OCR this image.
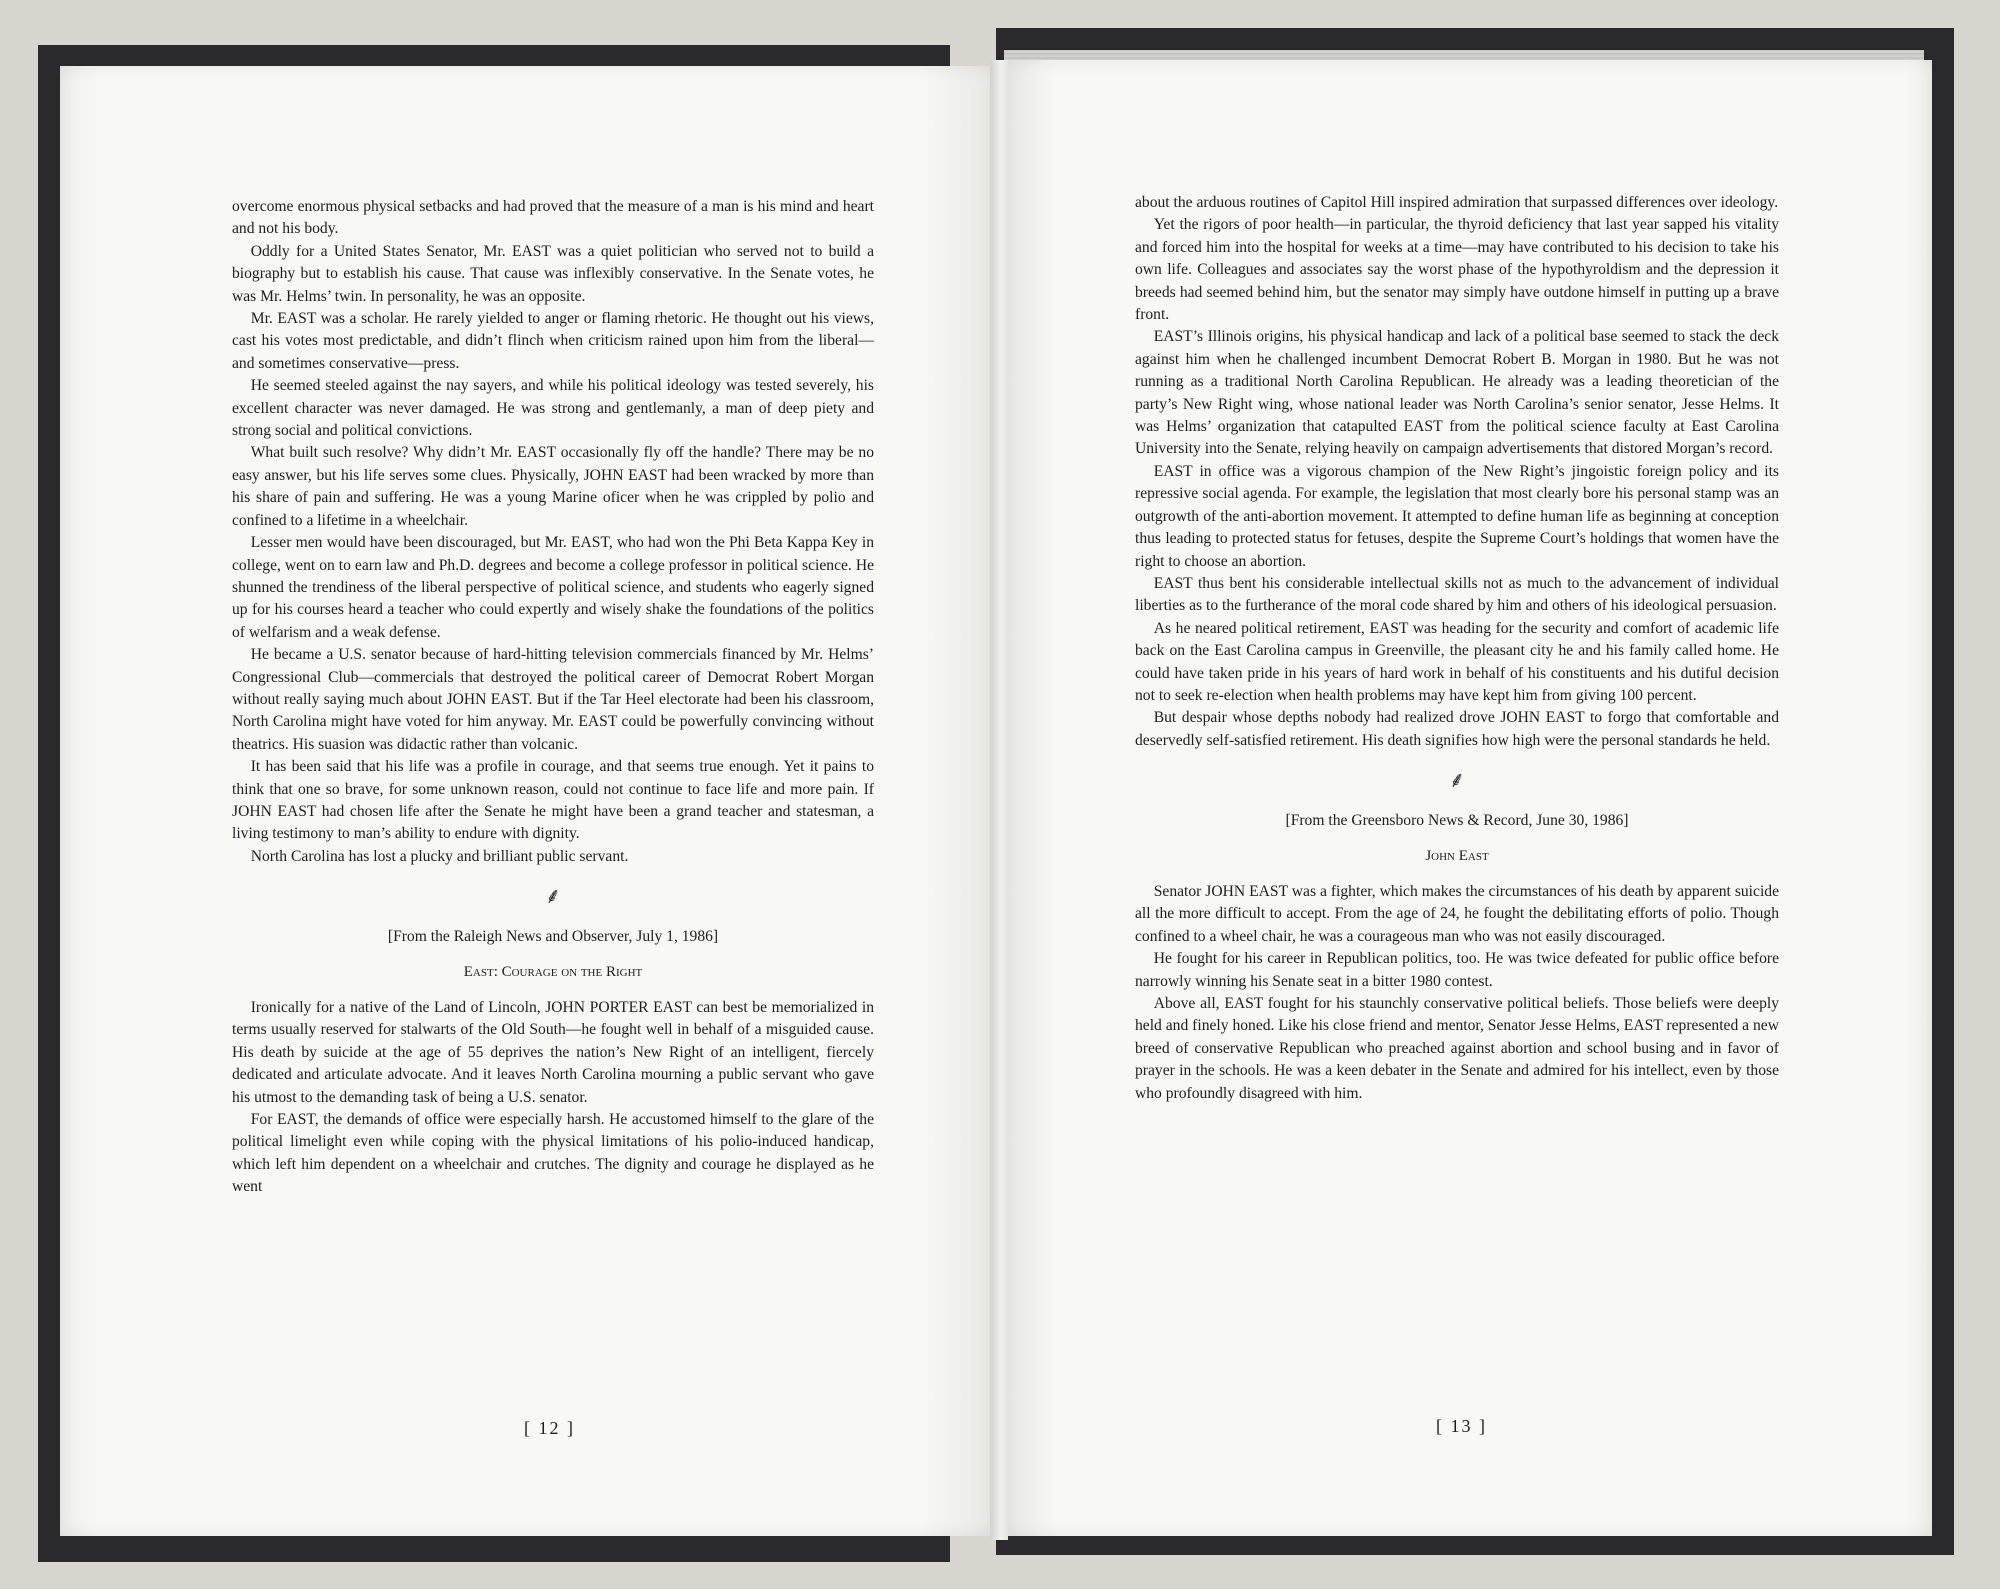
overcome enormous physical setbacks and had proved that the measure of a man is his mind and heart and not his body.

Oddly for a United States Senator, Mr. EAST was a quiet politician who served not to build a biography but to establish his cause. That cause was inflexibly conservative. In the Senate votes, he was Mr. Helms’ twin. In personality, he was an opposite.

Mr. EAST was a scholar. He rarely yielded to anger or flaming rhetoric. He thought out his views, cast his votes most predictable, and didn’t flinch when criticism rained upon him from the liberal—and sometimes conservative—press.

He seemed steeled against the nay sayers, and while his political ideology was tested severely, his excellent character was never damaged. He was strong and gentlemanly, a man of deep piety and strong social and political convictions.

What built such resolve? Why didn’t Mr. EAST occasionally fly off the handle? There may be no easy answer, but his life serves some clues. Physically, JOHN EAST had been wracked by more than his share of pain and suffering. He was a young Marine oficer when he was crippled by polio and confined to a lifetime in a wheelchair.

Lesser men would have been discouraged, but Mr. EAST, who had won the Phi Beta Kappa Key in college, went on to earn law and Ph.D. degrees and become a college professor in political science. He shunned the trendiness of the liberal perspective of political science, and students who eagerly signed up for his courses heard a teacher who could expertly and wisely shake the foundations of the politics of welfarism and a weak defense.

He became a U.S. senator because of hard-hitting television commercials financed by Mr. Helms’ Congressional Club—commercials that destroyed the political career of Democrat Robert Morgan without really saying much about JOHN EAST. But if the Tar Heel electorate had been his classroom, North Carolina might have voted for him anyway. Mr. EAST could be powerfully convincing without theatrics. His suasion was didactic rather than volcanic.

It has been said that his life was a profile in courage, and that seems true enough. Yet it pains to think that one so brave, for some unknown reason, could not continue to face life and more pain. If JOHN EAST had chosen life after the Senate he might have been a grand teacher and statesman, a living testimony to man’s ability to endure with dignity.

North Carolina has lost a plucky and brilliant public servant.

⸙
[From the Raleigh News and Observer, July 1, 1986]
East: Courage on the Right

Ironically for a native of the Land of Lincoln, JOHN PORTER EAST can best be memorialized in terms usually reserved for stalwarts of the Old South—he fought well in behalf of a misguided cause. His death by suicide at the age of 55 deprives the nation’s New Right of an intelligent, fiercely dedicated and articulate advocate. And it leaves North Carolina mourning a public servant who gave his utmost to the demanding task of being a U.S. senator.

For EAST, the demands of office were especially harsh. He accustomed himself to the glare of the political limelight even while coping with the physical limitations of his polio-induced handicap, which left him dependent on a wheelchair and crutches. The dignity and courage he displayed as he went

about the arduous routines of Capitol Hill inspired admiration that surpassed differences over ideology.

Yet the rigors of poor health—in particular, the thyroid deficiency that last year sapped his vitality and forced him into the hospital for weeks at a time—may have contributed to his decision to take his own life. Colleagues and associates say the worst phase of the hypothyroldism and the depression it breeds had seemed behind him, but the senator may simply have outdone himself in putting up a brave front.

EAST’s Illinois origins, his physical handicap and lack of a political base seemed to stack the deck against him when he challenged incumbent Democrat Robert B. Morgan in 1980. But he was not running as a traditional North Carolina Republican. He already was a leading theoretician of the party’s New Right wing, whose national leader was North Carolina’s senior senator, Jesse Helms. It was Helms’ organization that catapulted EAST from the political science faculty at East Carolina University into the Senate, relying heavily on campaign advertisements that distored Morgan’s record.

EAST in office was a vigorous champion of the New Right’s jingoistic foreign policy and its repressive social agenda. For example, the legislation that most clearly bore his personal stamp was an outgrowth of the anti-abortion movement. It attempted to define human life as beginning at conception thus leading to protected status for fetuses, despite the Supreme Court’s holdings that women have the right to choose an abortion.

EAST thus bent his considerable intellectual skills not as much to the advancement of individual liberties as to the furtherance of the moral code shared by him and others of his ideological persuasion.

As he neared political retirement, EAST was heading for the security and comfort of academic life back on the East Carolina campus in Greenville, the pleasant city he and his family called home. He could have taken pride in his years of hard work in behalf of his constituents and his dutiful decision not to seek re-election when health problems may have kept him from giving 100 percent.

But despair whose depths nobody had realized drove JOHN EAST to forgo that comfortable and deservedly self-satisfied retirement. His death signifies how high were the personal standards he held.

⸙
[From the Greensboro News & Record, June 30, 1986]
John East

Senator JOHN EAST was a fighter, which makes the circumstances of his death by apparent suicide all the more difficult to accept. From the age of 24, he fought the debilitating efforts of polio. Though confined to a wheel chair, he was a courageous man who was not easily discouraged.

He fought for his career in Republican politics, too. He was twice defeated for public office before narrowly winning his Senate seat in a bitter 1980 contest.

Above all, EAST fought for his staunchly conservative political beliefs. Those beliefs were deeply held and finely honed. Like his close friend and mentor, Senator Jesse Helms, EAST represented a new breed of conservative Republican who preached against abortion and school busing and in favor of prayer in the schools. He was a keen debater in the Senate and admired for his intellect, even by those who profoundly disagreed with him.

[ 12 ]	[ 13 ]
